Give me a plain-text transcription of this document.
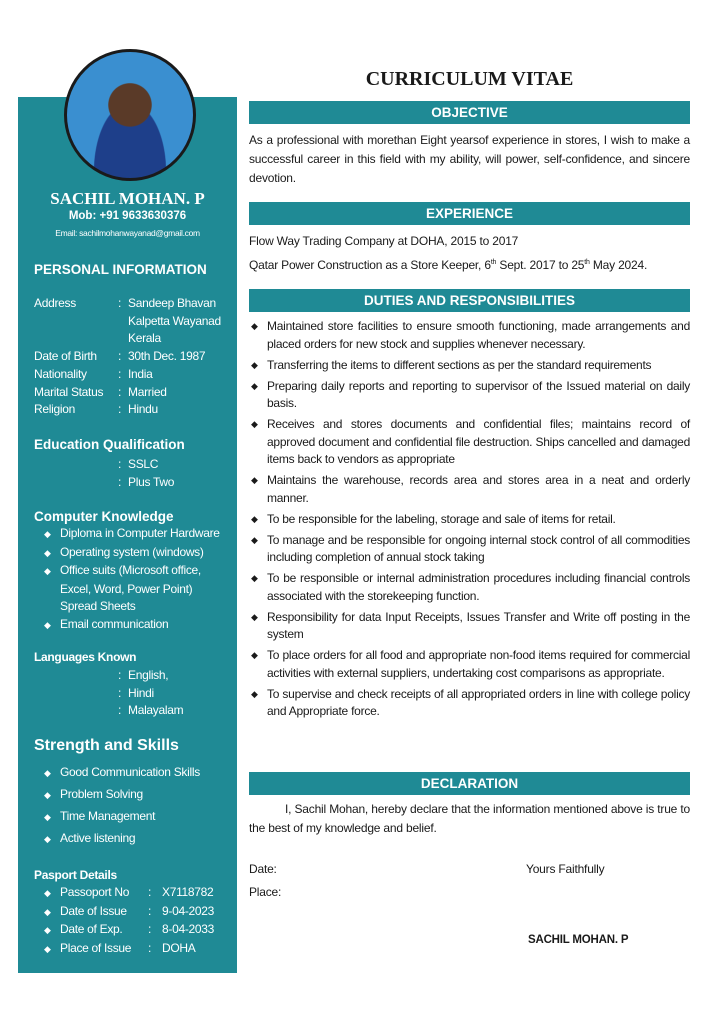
CURRICULUM VITAE
SACHIL MOHAN. P
Mob: +91 9633630376
Email: sachilmohanwayanad@gmail.com
PERSONAL INFORMATION
Address	: Sandeep Bhavan
Kalpetta Wayanad
Kerala
Date of Birth : 30th Dec. 1987
Nationality	: India
Marital Status : Married
Religion	: Hindu
Education Qualification
: SSLC
: Plus Two
Computer Knowledge
◆ Diploma in Computer Hardware
◆ Operating system (windows)
◆ Office suits (Microsoft office,
Excel, Word, Power Point)
Spread Sheets
◆ Email communication
Languages Known
: English,
: Hindi
: Malayalam
Strength and Skills
◆ Good Communication Skills
◆ Problem Solving
◆ Time Management
◆ Active listening
Pasport Details
◆ Passoport No : X7118782
◆ Date of Issue : 9-04-2023
◆ Date of Exp. : 8-04-2033
◆ Place of Issue : DOHA
OBJECTIVE
As a professional with morethan Eight yearsof experience in stores, I wish to make a successful career in this field with my ability, will power, self-confidence, and sincere devotion.
EXPERIENCE
Flow Way Trading Company at DOHA, 2015 to 2017
Qatar Power Construction as a Store Keeper, 6th Sept. 2017 to 25th May 2024.
DUTIES AND RESPONSIBILITIES
◆ Maintained store facilities to ensure smooth functioning, made arrangements and placed orders for new stock and supplies whenever necessary.
◆ Transferring the items to different sections as per the standard requirements
◆ Preparing daily reports and reporting to supervisor of the Issued material on daily basis.
◆ Receives and stores documents and confidential files; maintains record of approved document and confidential file destruction. Ships cancelled and damaged items back to vendors as appropriate
◆ Maintains the warehouse, records area and stores area in a neat and orderly manner.
◆ To be responsible for the labeling, storage and sale of items for retail.
◆ To manage and be responsible for ongoing internal stock control of all commodities including completion of annual stock taking
◆ To be responsible or internal administration procedures including financial controls associated with the storekeeping function.
◆ Responsibility for data Input Receipts, Issues Transfer and Write off posting in the system
◆ To place orders for all food and appropriate non-food items required for commercial activities with external suppliers, undertaking cost comparisons as appropriate.
◆ To supervise and check receipts of all appropriated orders in line with college policy and Appropriate force.
DECLARATION
I, Sachil Mohan, hereby declare that the information mentioned above is true to the best of my knowledge and belief.
Date:
Place:
Yours Faithfully
SACHIL MOHAN. P
